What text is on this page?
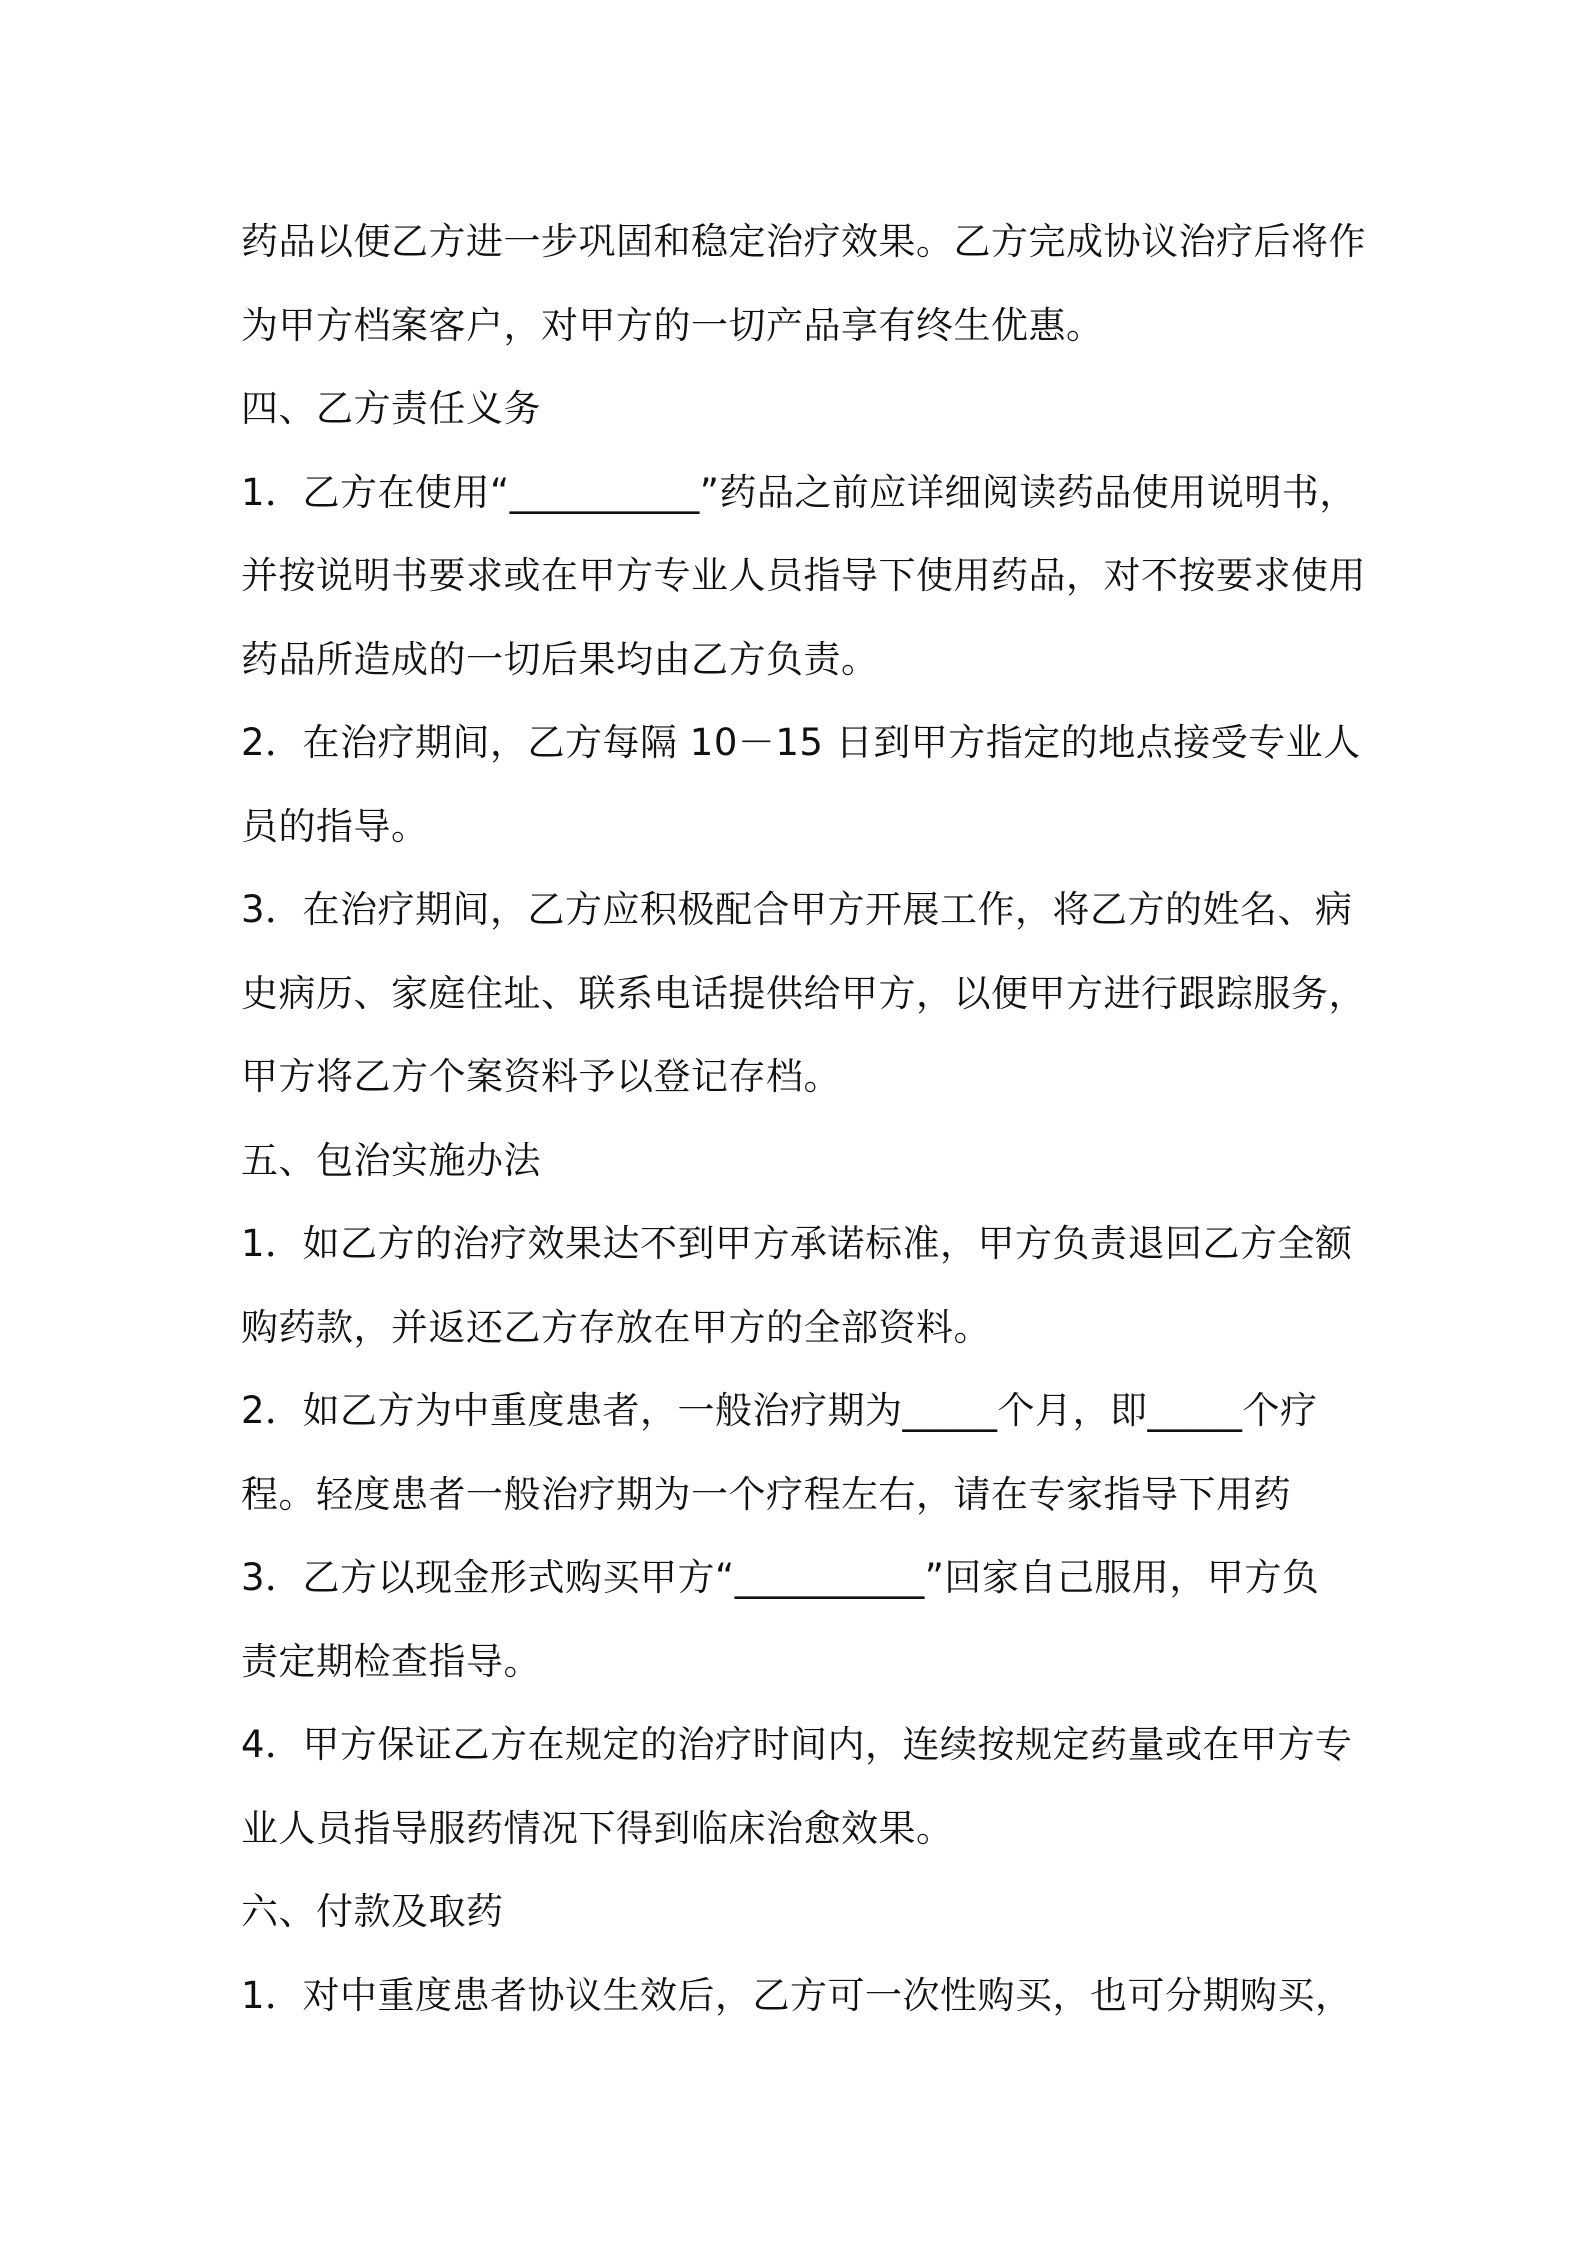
药品以便乙方进一步巩固和稳定治疗效果。乙方完成协议治疗后将作
为甲方档案客户，对甲方的一切产品享有终生优惠。
四、乙方责任义务
1．乙方在使用“__________”药品之前应详细阅读药品使用说明书，
并按说明书要求或在甲方专业人员指导下使用药品，对不按要求使用
药品所造成的一切后果均由乙方负责。
2．在治疗期间，乙方每隔 10－15 日到甲方指定的地点接受专业人
员的指导。
3．在治疗期间，乙方应积极配合甲方开展工作，将乙方的姓名、病
史病历、家庭住址、联系电话提供给甲方，以便甲方进行跟踪服务，
甲方将乙方个案资料予以登记存档。
五、包治实施办法
1．如乙方的治疗效果达不到甲方承诺标准，甲方负责退回乙方全额
购药款，并返还乙方存放在甲方的全部资料。
2．如乙方为中重度患者，一般治疗期为_____个月，即_____个疗
程。轻度患者一般治疗期为一个疗程左右，请在专家指导下用药
3．乙方以现金形式购买甲方“__________”回家自己服用，甲方负
责定期检查指导。
4．甲方保证乙方在规定的治疗时间内，连续按规定药量或在甲方专
业人员指导服药情况下得到临床治愈效果。
六、付款及取药
1．对中重度患者协议生效后，乙方可一次性购买，也可分期购买，
